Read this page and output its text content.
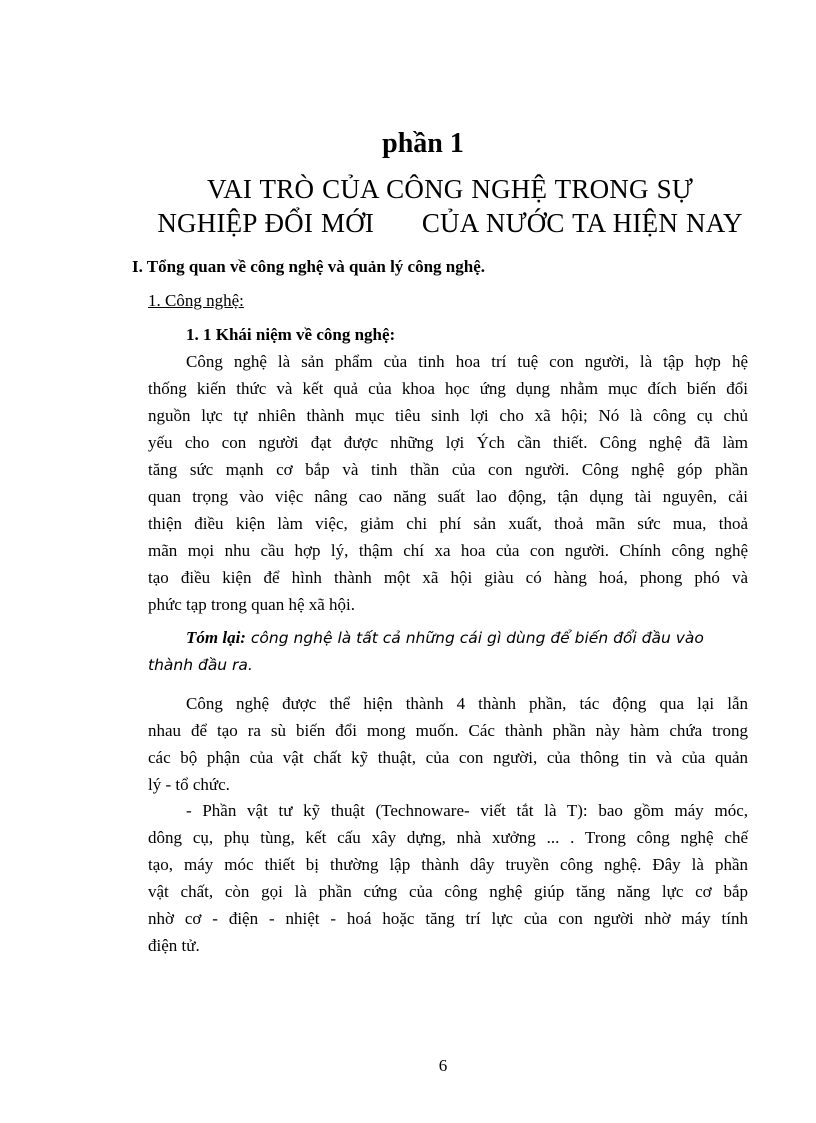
phần 1
VAI TRÒ CỦA CÔNG NGHỆ TRONG SỰ
NGHIỆP ĐỔI MỚI      CỦA NƯỚC TA HIỆN NAY
I. Tổng quan về công nghệ và quản lý công nghệ.
1. Công nghệ:
1. 1 Khái niệm về công nghệ:
Công nghệ là sản phẩm của tinh hoa trí tuệ con người, là tập hợp hệ
thống kiến thức và kết quả của khoa học ứng dụng nhằm mục đích biến đổi
nguồn lực tự nhiên thành mục tiêu sinh lợi cho xã hội; Nó là công cụ chủ
yếu cho con người đạt được những lợi Ých cần thiết. Công nghệ đã làm
tăng sức mạnh cơ bắp và tinh thần của con người. Công nghệ góp phần
quan trọng vào việc nâng cao năng suất lao động, tận dụng tài nguyên, cải
thiện điều kiện làm việc, giảm chi phí sản xuất, thoả mãn sức mua, thoả
mãn mọi nhu cầu hợp lý, thậm chí xa hoa của con người. Chính công nghệ
tạo điều kiện để hình thành một xã hội giàu có hàng hoá, phong phó và
phức tạp trong quan hệ xã hội.
Tóm lại: công nghệ là tất cả những cái gì dùng để biến đổi đầu vào
thành đầu ra.
Công nghệ được thể hiện thành 4 thành phần, tác động qua lại lẫn
nhau để tạo ra sù biến đổi mong muốn. Các thành phần này hàm chứa trong
các bộ phận của vật chất kỹ thuật, của con người, của thông tin và của quản
lý - tổ chức.
- Phần vật tư kỹ thuật (Technoware- viết tắt là T): bao gồm máy móc,
dông cụ, phụ tùng, kết cấu xây dựng, nhà xưởng ... . Trong công nghệ chế
tạo, máy móc thiết bị thường lập thành dây truyền công nghệ. Đây là phần
vật chất, còn gọi là phần cứng của công nghệ giúp tăng năng lực cơ bắp
nhờ cơ - điện - nhiệt - hoá hoặc tăng trí lực của con người nhờ máy tính
điện tử.
6
